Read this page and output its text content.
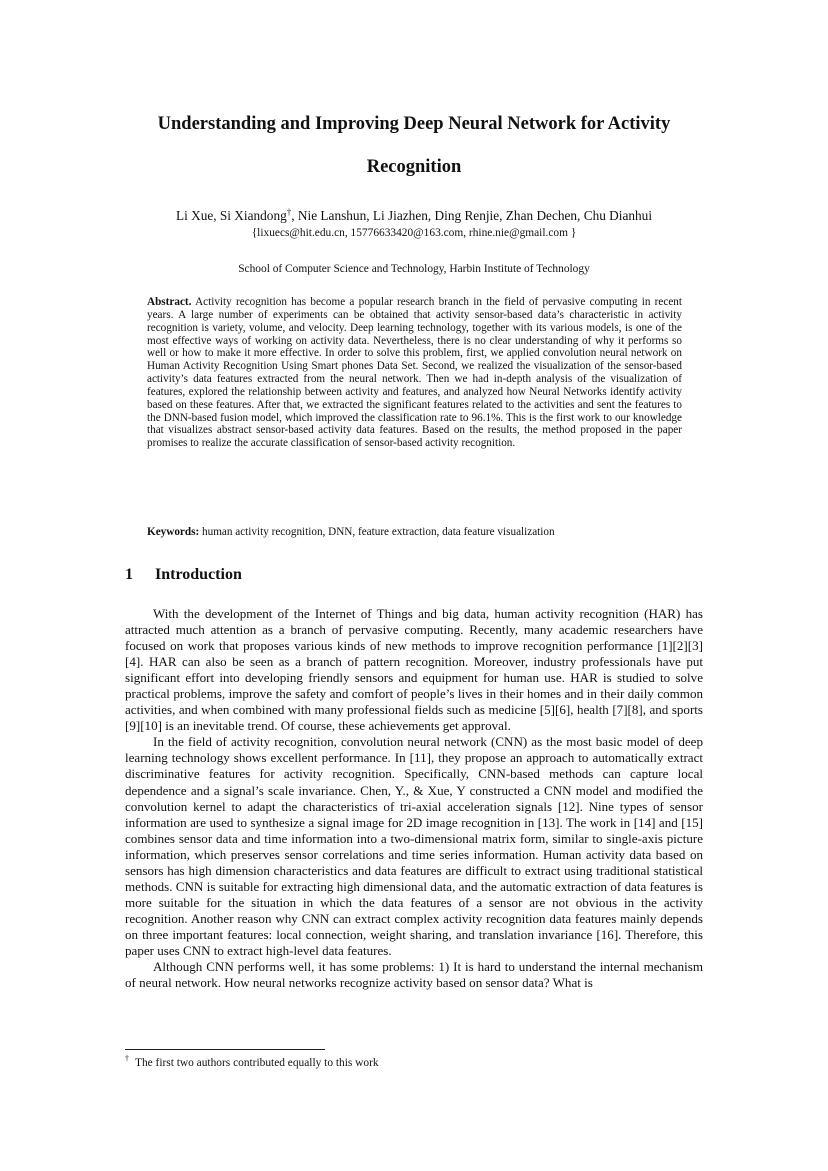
Understanding and Improving Deep Neural Network for Activity
Recognition
Li Xue, Si Xiandong†, Nie Lanshun, Li Jiazhen, Ding Renjie, Zhan Dechen, Chu Dianhui
{lixuecs@hit.edu.cn, 15776633420@163.com, rhine.nie@gmail.com }
School of Computer Science and Technology, Harbin Institute of Technology
Abstract. Activity recognition has become a popular research branch in the field of pervasive computing in recent years. A large number of experiments can be obtained that activity sensor-based data’s characteristic in activity recognition is variety, volume, and velocity. Deep learning technology, together with its various models, is one of the most effective ways of working on activity data. Nevertheless, there is no clear understanding of why it performs so well or how to make it more effective. In order to solve this problem, first, we applied convolution neural network on Human Activity Recognition Using Smart phones Data Set. Second, we realized the visualization of the sensor-based activity’s data features extracted from the neural network. Then we had in-depth analysis of the visualization of features, explored the relationship between activity and features, and analyzed how Neural Networks identify activity based on these features. After that, we extracted the significant features related to the activities and sent the features to the DNN-based fusion model, which improved the classification rate to 96.1%. This is the first work to our knowledge that visualizes abstract sensor-based activity data features. Based on the results, the method proposed in the paper promises to realize the accurate classification of sensor-based activity recognition.
Keywords: human activity recognition, DNN, feature extraction, data feature visualization
1 Introduction

With the development of the Internet of Things and big data, human activity recognition (HAR) has attracted much attention as a branch of pervasive computing. Recently, many academic researchers have focused on work that proposes various kinds of new methods to improve recognition performance [1][2][3][4]. HAR can also be seen as a branch of pattern recognition. Moreover, industry professionals have put significant effort into developing friendly sensors and equipment for human use. HAR is studied to solve practical problems, improve the safety and comfort of people’s lives in their homes and in their daily common activities, and when combined with many professional fields such as medicine [5][6], health [7][8], and sports [9][10] is an inevitable trend. Of course, these achievements get approval.

In the field of activity recognition, convolution neural network (CNN) as the most basic model of deep learning technology shows excellent performance. In [11], they propose an approach to automatically extract discriminative features for activity recognition. Specifically, CNN-based methods can capture local dependence and a signal’s scale invariance. Chen, Y., & Xue, Y constructed a CNN model and modified the convolution kernel to adapt the characteristics of tri-axial acceleration signals [12]. Nine types of sensor information are used to synthesize a signal image for 2D image recognition in [13]. The work in [14] and [15] combines sensor data and time information into a two-dimensional matrix form, similar to single-axis picture information, which preserves sensor correlations and time series information. Human activity data based on sensors has high dimension characteristics and data features are difficult to extract using traditional statistical methods. CNN is suitable for extracting high dimensional data, and the automatic extraction of data features is more suitable for the situation in which the data features of a sensor are not obvious in the activity recognition. Another reason why CNN can extract complex activity recognition data features mainly depends on three important features: local connection, weight sharing, and translation invariance [16]. Therefore, this paper uses CNN to extract high-level data features.

Although CNN performs well, it has some problems: 1) It is hard to understand the internal mechanism of neural network. How neural networks recognize activity based on sensor data? What is

† The first two authors contributed equally to this work
